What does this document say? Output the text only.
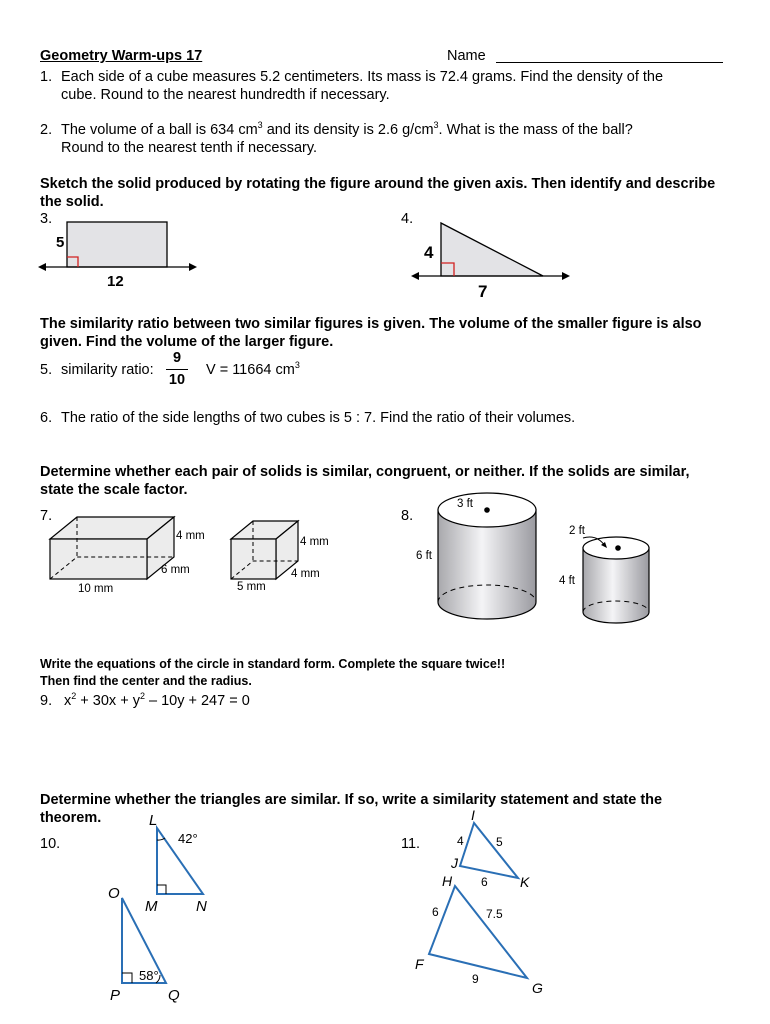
Geometry Warm-ups 17	Name
1. Each side of a cube measures 5.2 centimeters. Its mass is 72.4 grams. Find the density of the
cube. Round to the nearest hundredth if necessary.
2. The volume of a ball is 634 $cm^3$ and its density is 2.6 $g/cm^3$. What is the mass of the ball?
Round to the nearest tenth if necessary.
Sketch the solid produced by rotating the figure around the given axis. Then identify and describe
the solid.
3.	4.
5
12
4
7
The similarity ratio between two similar figures is given. The volume of the smaller figure is also
given. Find the volume of the larger figure.
5. similarity ratio:
9
10
V = 11664 $cm^3$
6. The ratio of the side lengths of two cubes is 5 : 7. Find the ratio of their volumes.
Determine whether each pair of solids is similar, congruent, or neither. If the solids are similar,
state the scale factor.
7.	8.
4 mm
6 mm
10 mm
4 mm
4 mm
5 mm
3 ft
6 ft
2 ft
4 ft
Write the equations of the circle in standard form. Complete the square twice!!
Then find the center and the radius.
9. $x^2 + 30x + y^2 - 10y + 247 = 0$
Determine whether the triangles are similar. If so, write a similarity statement and state the
theorem.
10.	11.
L
42°
M	N
O
58°
P	Q
I
J
K
4	5
6
H
F
G
6	7.5
9
